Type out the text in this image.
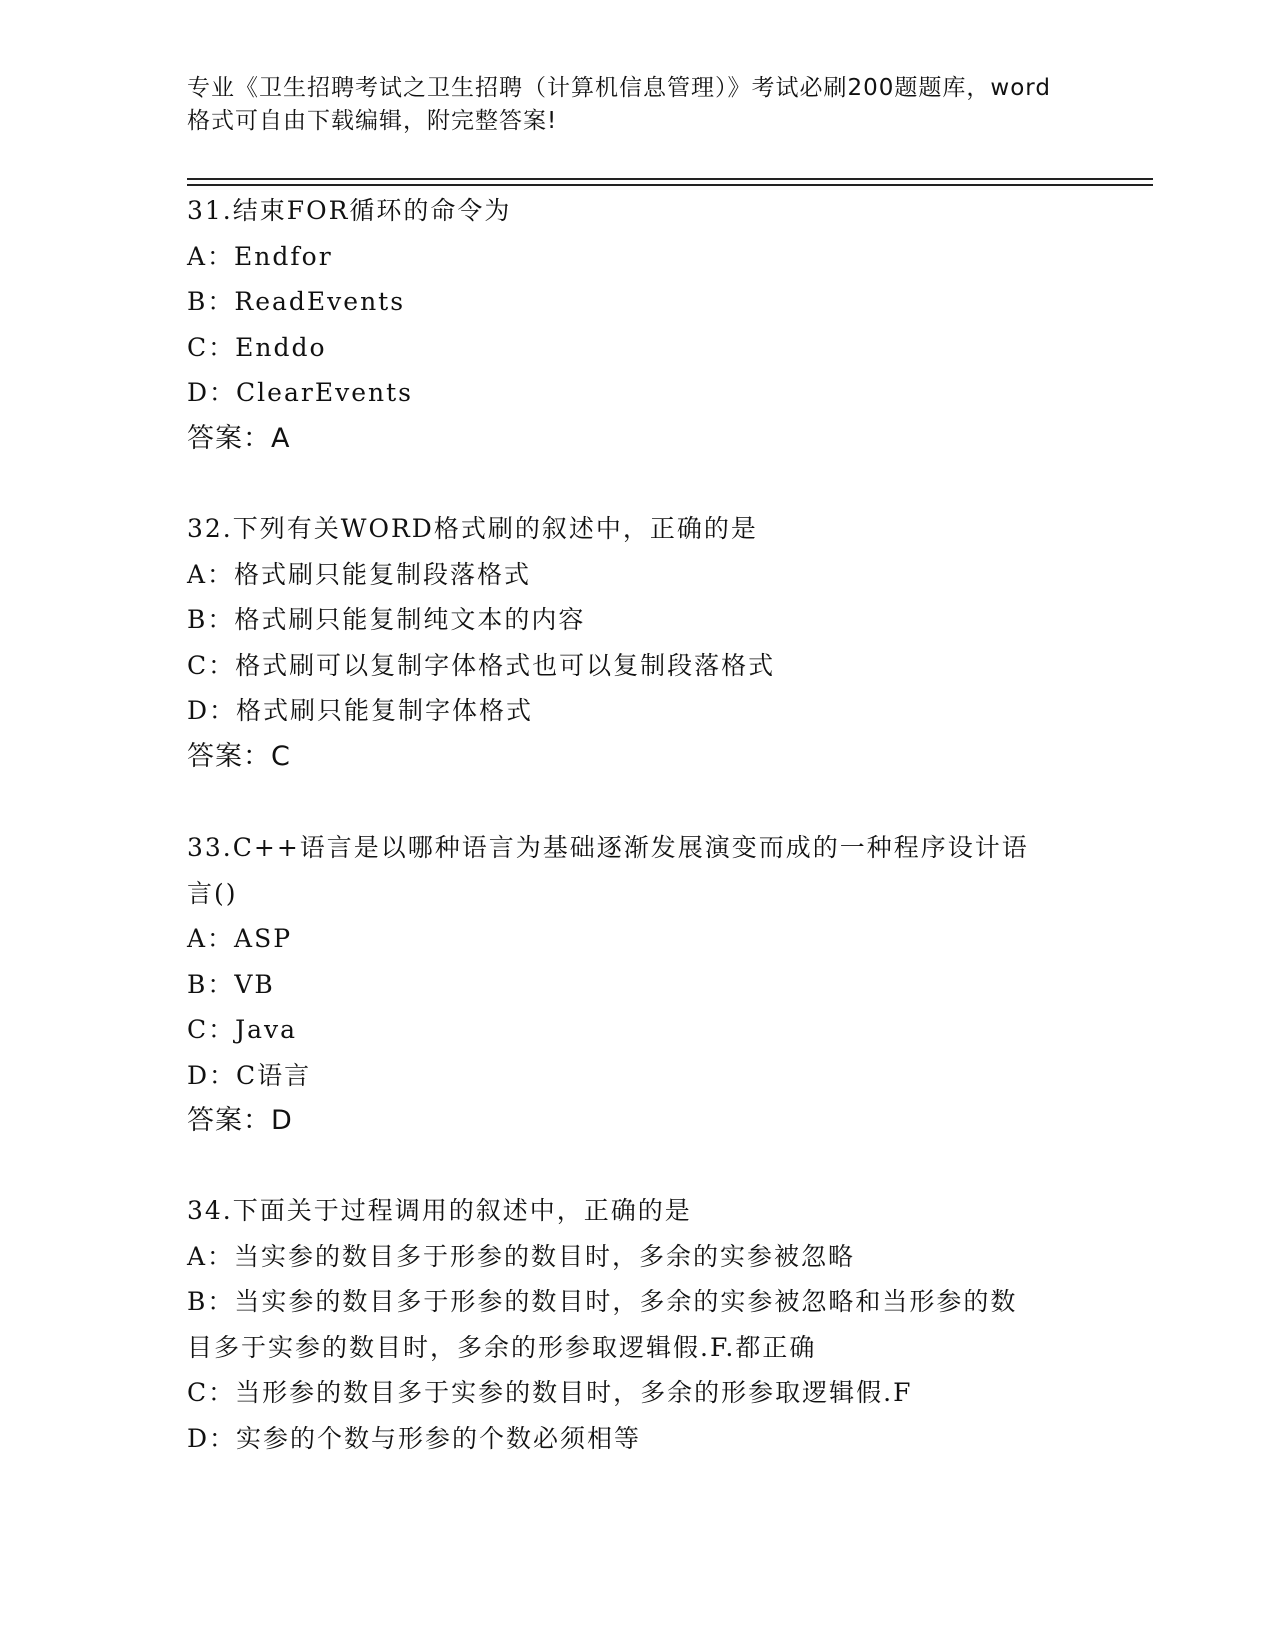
专业《卫生招聘考试之卫生招聘（计算机信息管理）》考试必刷200题题库，word
格式可自由下载编辑，附完整答案!
31.结束FOR循环的命令为
A：Endfor
B：ReadEvents
C：Enddo
D：ClearEvents
答案：A
32.下列有关WORD格式刷的叙述中，正确的是
A：格式刷只能复制段落格式
B：格式刷只能复制纯文本的内容
C：格式刷可以复制字体格式也可以复制段落格式
D：格式刷只能复制字体格式
答案：C
33.C++语言是以哪种语言为基础逐渐发展演变而成的一种程序设计语
言()
A：ASP
B：VB
C：Java
D：C语言
答案：D
34.下面关于过程调用的叙述中，正确的是
A：当实参的数目多于形参的数目时，多余的实参被忽略
B：当实参的数目多于形参的数目时，多余的实参被忽略和当形参的数
目多于实参的数目时，多余的形参取逻辑假.F.都正确
C：当形参的数目多于实参的数目时，多余的形参取逻辑假.F
D：实参的个数与形参的个数必须相等
